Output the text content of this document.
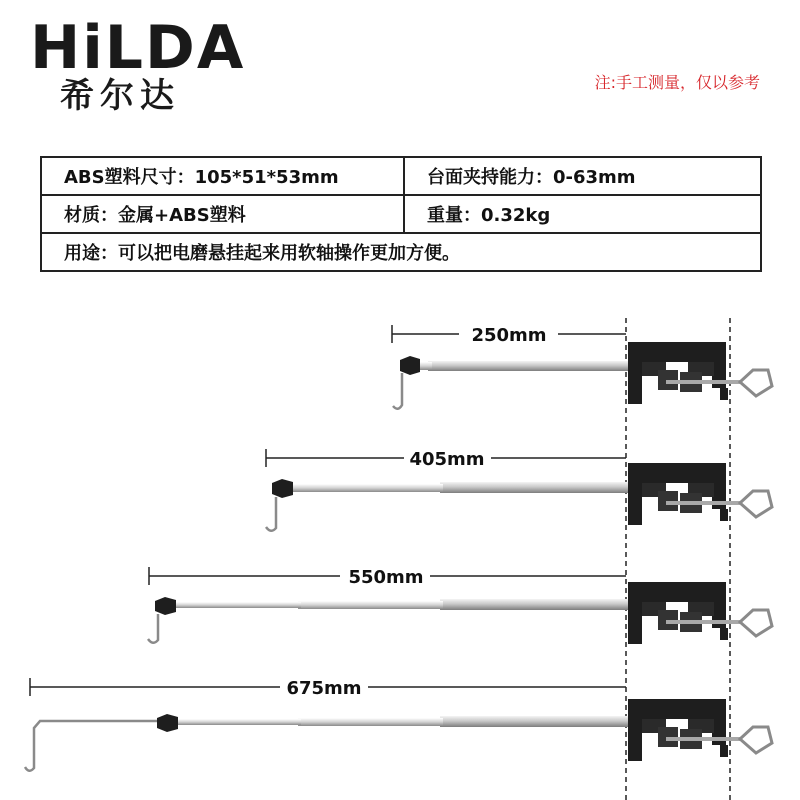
HiLDA
希尔达	注:手工测量，仅以参考
ABS塑料尺寸：105*51*53mm	台面夹持能力：0-63mm
材质：金属+ABS塑料	重量：0.32kg
用途：可以把电磨悬挂起来用软轴操作更加方便。	
250mm
405mm
550mm
675mm
